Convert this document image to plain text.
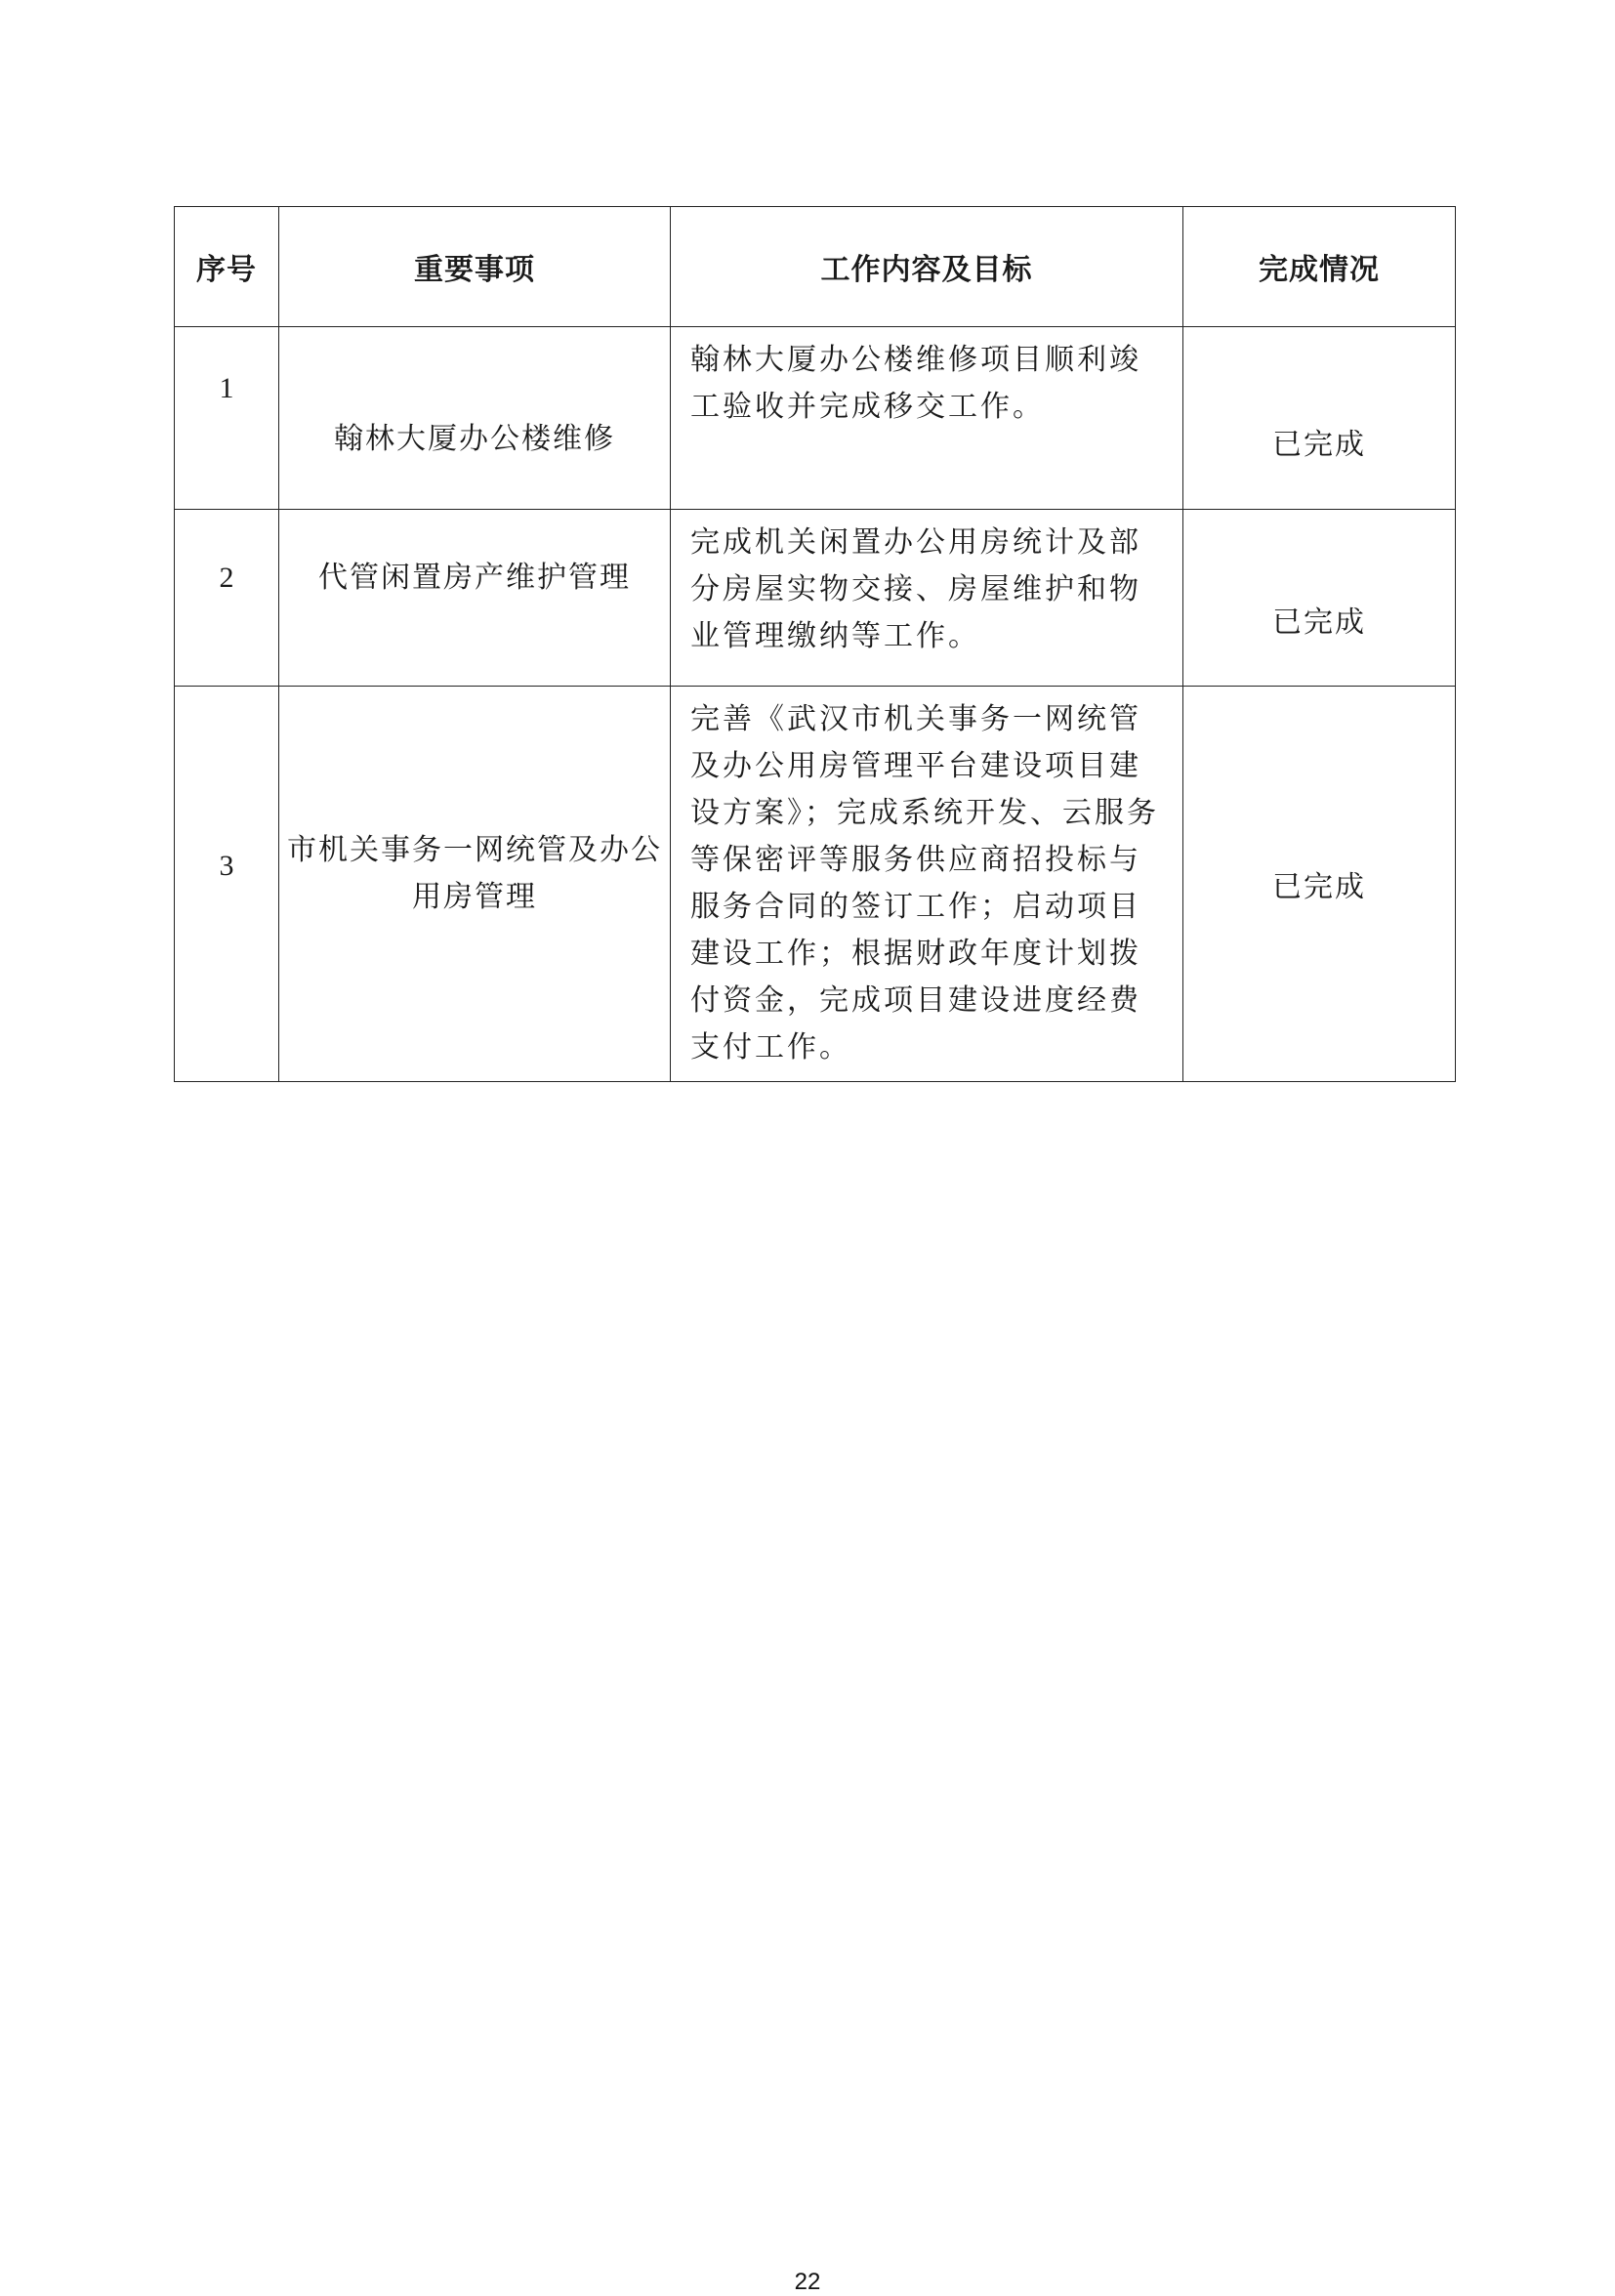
序号	重要事项	工作内容及目标	完成情况
1	翰林大厦办公楼维修	翰林大厦办公楼维修项目顺利竣工验收并完成移交工作。	已完成
2	代管闲置房产维护管理	完成机关闲置办公用房统计及部分房屋实物交接、房屋维护和物业管理缴纳等工作。	已完成
3	市机关事务一网统管及办公用房管理	完善《武汉市机关事务一网统管及办公用房管理平台建设项目建设方案》；完成系统开发、云服务等保密评等服务供应商招投标与服务合同的签订工作；启动项目建设工作；根据财政年度计划拨付资金，完成项目建设进度经费支付工作。	已完成
22
